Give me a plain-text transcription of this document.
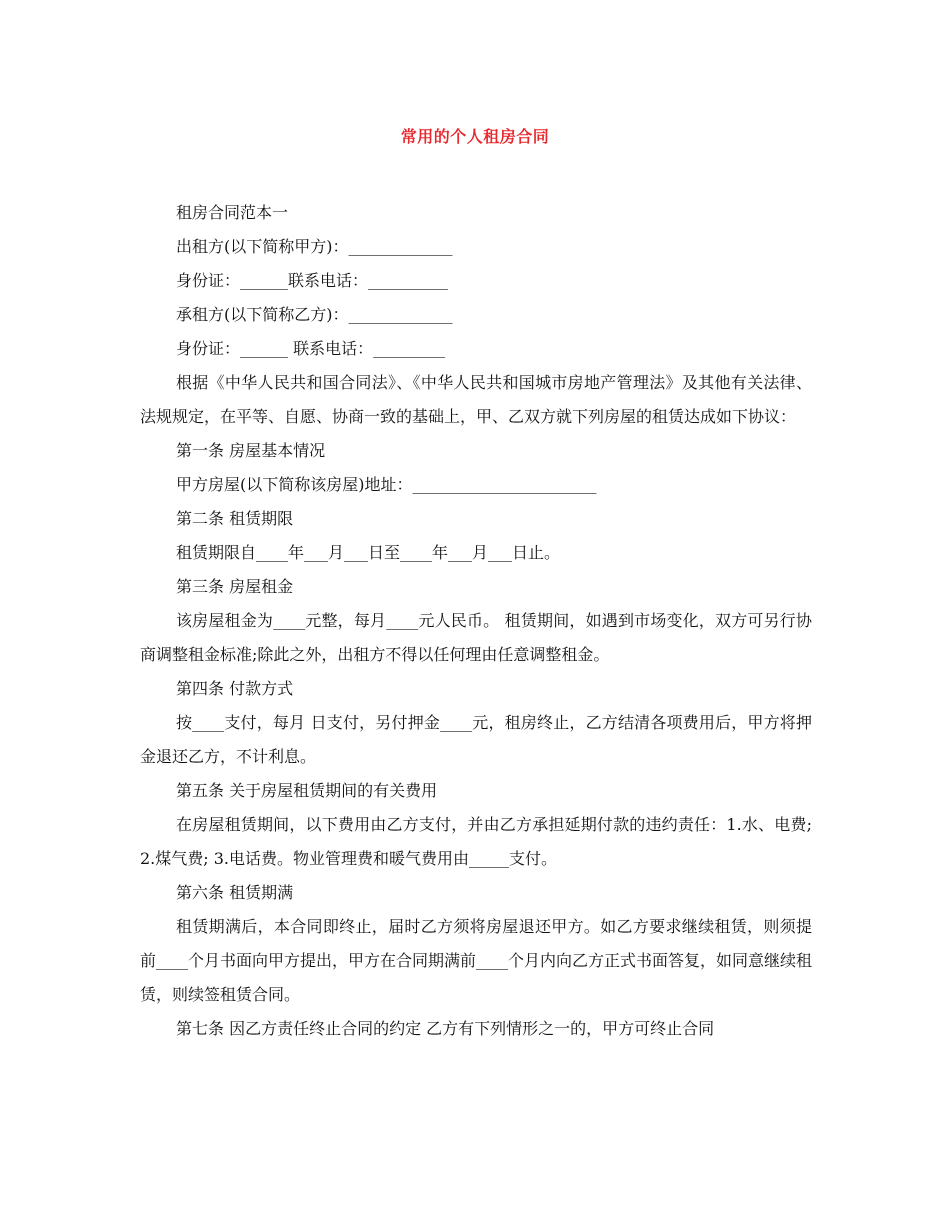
常用的个人租房合同

租房合同范本一

出租方(以下简称甲方)：_____________

身份证：______联系电话：__________

承租方(以下简称乙方)：_____________

身份证：______ 联系电话：_________

根据《中华人民共和国合同法》、《中华人民共和国城市房地产管理法》及其他有关法律、法规规定，在平等、自愿、协商一致的基础上，甲、乙双方就下列房屋的租赁达成如下协议：

第一条 房屋基本情况

甲方房屋(以下简称该房屋)地址：_______________________

第二条 租赁期限

租赁期限自____年___月___日至____年___月___日止。

第三条 房屋租金

该房屋租金为____元整，每月____元人民币。 租赁期间，如遇到市场变化，双方可另行协商调整租金标准;除此之外，出租方不得以任何理由任意调整租金。

第四条 付款方式

按____支付，每月 日支付，另付押金____元，租房终止，乙方结清各项费用后，甲方将押金退还乙方，不计利息。

第五条 关于房屋租赁期间的有关费用

在房屋租赁期间，以下费用由乙方支付，并由乙方承担延期付款的违约责任：1.水、电费; 2.煤气费; 3.电话费。物业管理费和暖气费用由_____支付。

第六条 租赁期满

租赁期满后，本合同即终止，届时乙方须将房屋退还甲方。如乙方要求继续租赁，则须提前____个月书面向甲方提出，甲方在合同期满前____个月内向乙方正式书面答复，如同意继续租赁，则续签租赁合同。

第七条 因乙方责任终止合同的约定 乙方有下列情形之一的，甲方可终止合同
